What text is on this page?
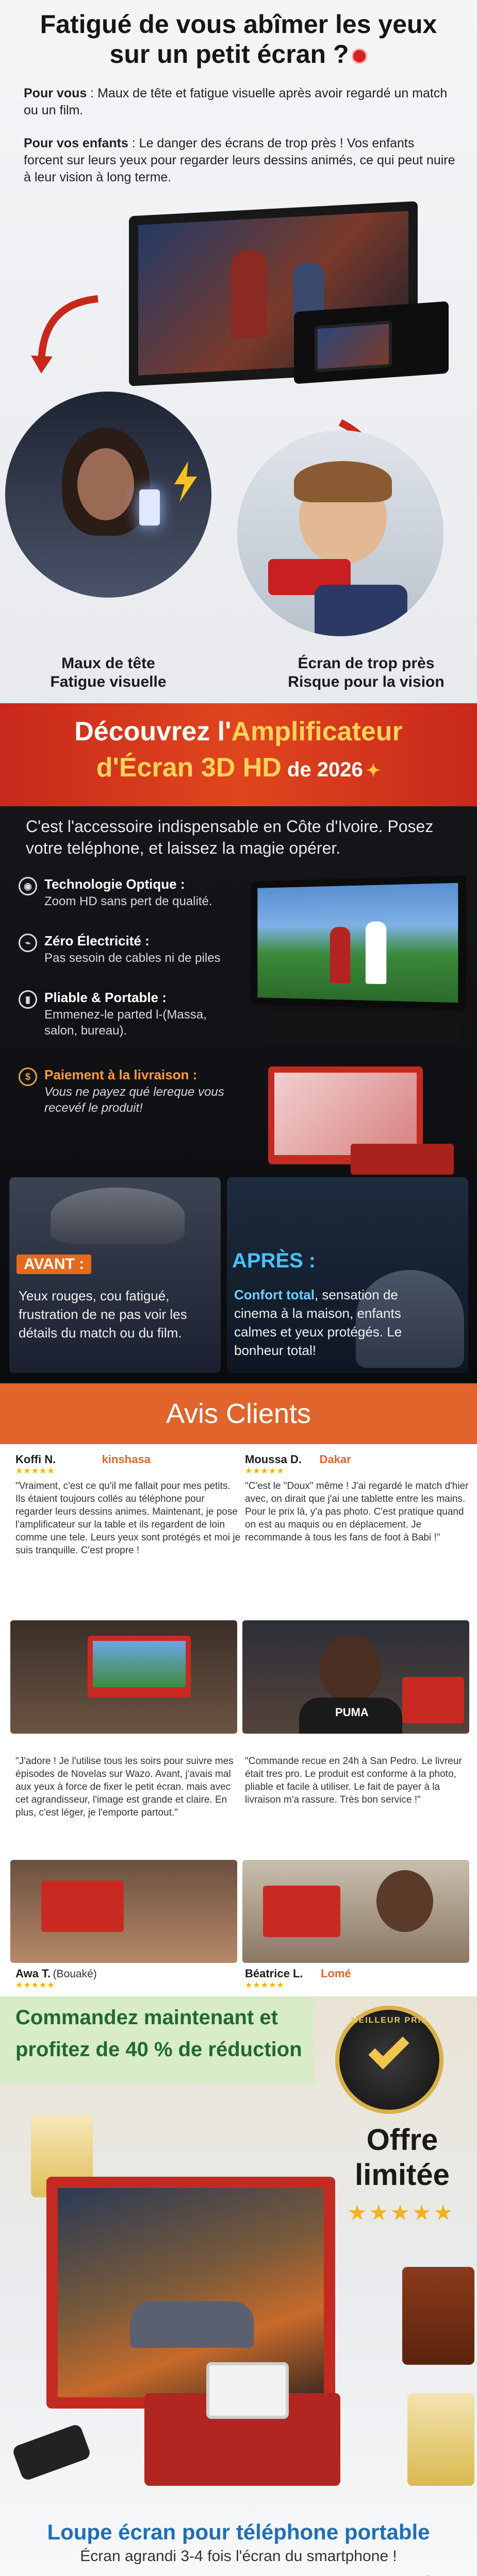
Fatigué de vous abîmer les yeux
sur un petit écran ?
Pour vous : Maux de tête et fatigue visuelle après avoir regardé un match ou un film.
Pour vos enfants : Le danger des écrans de trop près ! Vos enfants forcent sur leurs yeux pour regarder leurs dessins animés, ce qui peut nuire à leur vision à long terme.
Maux de tête
Fatigue visuelle
Écran de trop près
Risque pour la vision
Découvrez l'Amplificateur
d'Écran 3D HD de 2026 ✦
C'est l'accessoire indispensable en Côte d'Ivoire. Posez votre teléphone, et laissez la magie opérer.
◉ Technologie Optique :
Zoom HD sans pert de qualité.
⌁	Zéro Électricité :
Pas sesoin de cables ni de piles
▮	Pliable & Portable :
Emmenez-le parted l-(Massa, salon, bureau).
$	Paiement à la livraison :
Vous ne payez qué lereque vous recevéf le produit!
AVANT :
Yeux rouges, cou fatigué, frustration de ne pas voir les détails du match ou du film.
APRÈS :
Confort total, sensation de cinema à la maison, enfants calmes et yeux protégés. Le bonheur total!
Avis Clients
Koffi N.	kinshasa
★★★★★
"Vraiment, c'est ce qu'il me fallait pour mes petits. Ils étaient toujours collés au téléphone pour regarder leurs dessins animes. Maintenant, je pose l'amplificateur sur la table et ils regardent de loin comme une tele. Leurs yeux sont protégés et moi je suis tranquille. C'est propre !
Moussa D. Dakar
★★★★★
"C'est le "Doux" même ! J'ai regardé le match d'hier avec, on dirait que j'ai une tablette entre les mains. Pour le prix là, y'a pas photo. C'est pratique quand on est au maquis ou en déplacement. Je recommande à tous les fans de foot à Babi !"
PUMA
"J'adore ! Je l'utilise tous les soirs pour suivre mes épisodes de Novelas sur Wazo. Avant, j'avais mal aux yeux à force de fixer le petit écran. mais avec cet agrandisseur, l'image est grande et claire. En plus, c'est léger, je l'emporte partout."
"Commande recue en 24h à San Pedro. Le livreur était tres pro. Le produit est conforme à la photo, pliable et facile à utiliser. Le fait de payer à la livraison m'a rassure. Très bon service !"
Awa T. (Bouaké)
★★★★★
Béatrice L. Lomé
★★★★★
Commandez maintenant et
profitez de 40 % de réduction
MEILLEUR PRIX
Offre
limitée
★★★★★
Loupe écran pour téléphone portable
Écran agrandi 3-4 fois l'écran du smartphone !
